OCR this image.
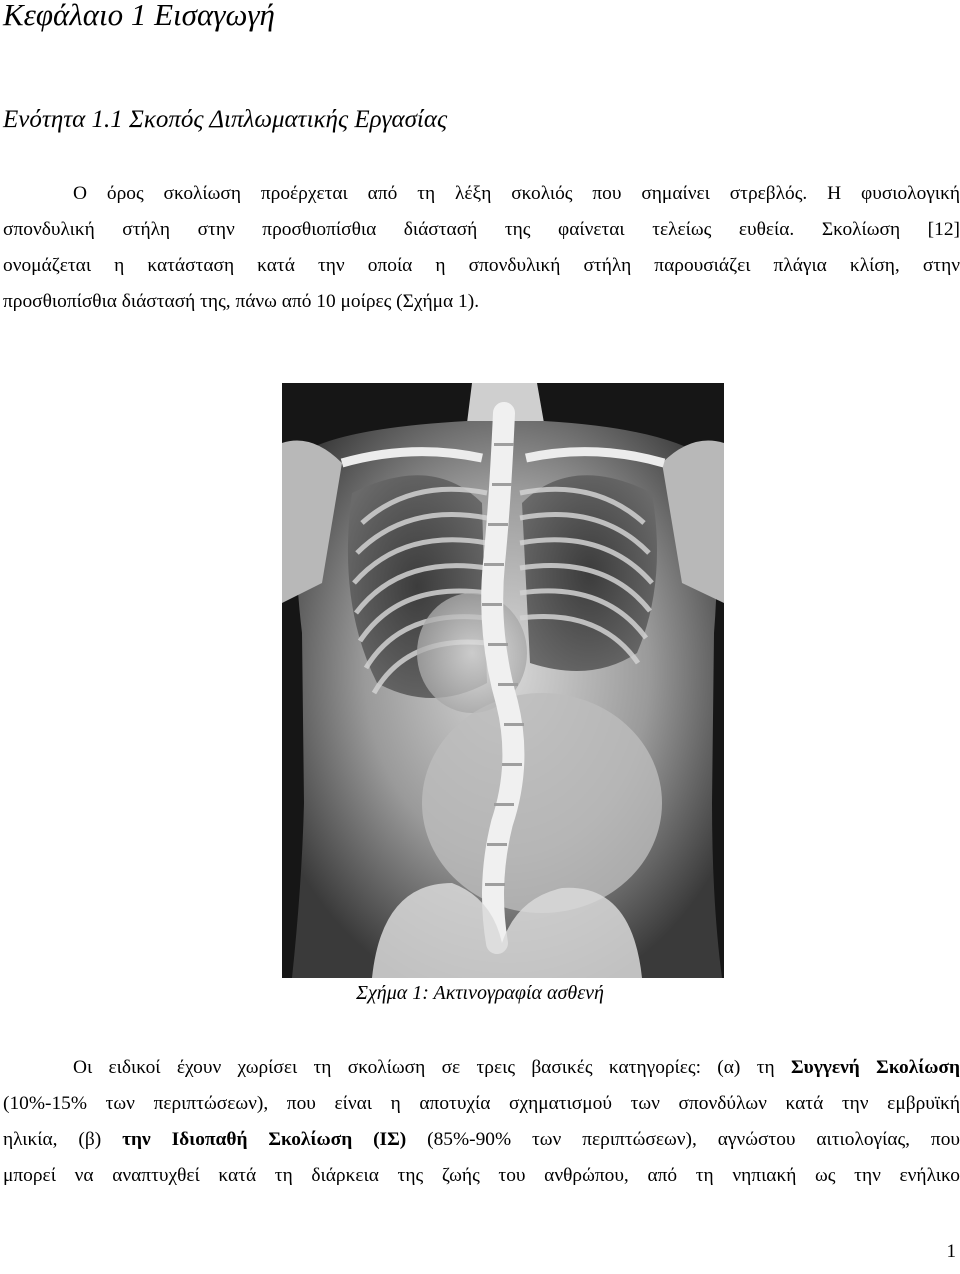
Κεφάλαιο 1 Εισαγωγή
Ενότητα 1.1 Σκοπός Διπλωματικής Εργασίας

Ο όρος σκολίωση προέρχεται από τη λέξη σκολιός που σημαίνει στρεβλός. Η φυσιολογική
σπονδυλική στήλη στην προσθιοπίσθια διάστασή της φαίνεται τελείως ευθεία. Σκολίωση [12]
ονομάζεται η κατάσταση κατά την οποία η σπονδυλική στήλη παρουσιάζει πλάγια κλίση, στην
προσθιοπίσθια διάστασή της, πάνω από 10 μοίρες (Σχήμα 1).

Σχήμα 1: Ακτινογραφία ασθενή

Οι ειδικοί έχουν χωρίσει τη σκολίωση σε τρεις βασικές κατηγορίες: (α) τη Συγγενή Σκολίωση
(10%-15% των περιπτώσεων), που είναι η αποτυχία σχηματισμού των σπονδύλων κατά την εμβρυϊκή
ηλικία, (β) την Ιδιοπαθή Σκολίωση (ΙΣ) (85%-90% των περιπτώσεων), αγνώστου αιτιολογίας, που
μπορεί να αναπτυχθεί κατά τη διάρκεια της ζωής του ανθρώπου, από τη νηπιακή ως την ενήλικο

1
